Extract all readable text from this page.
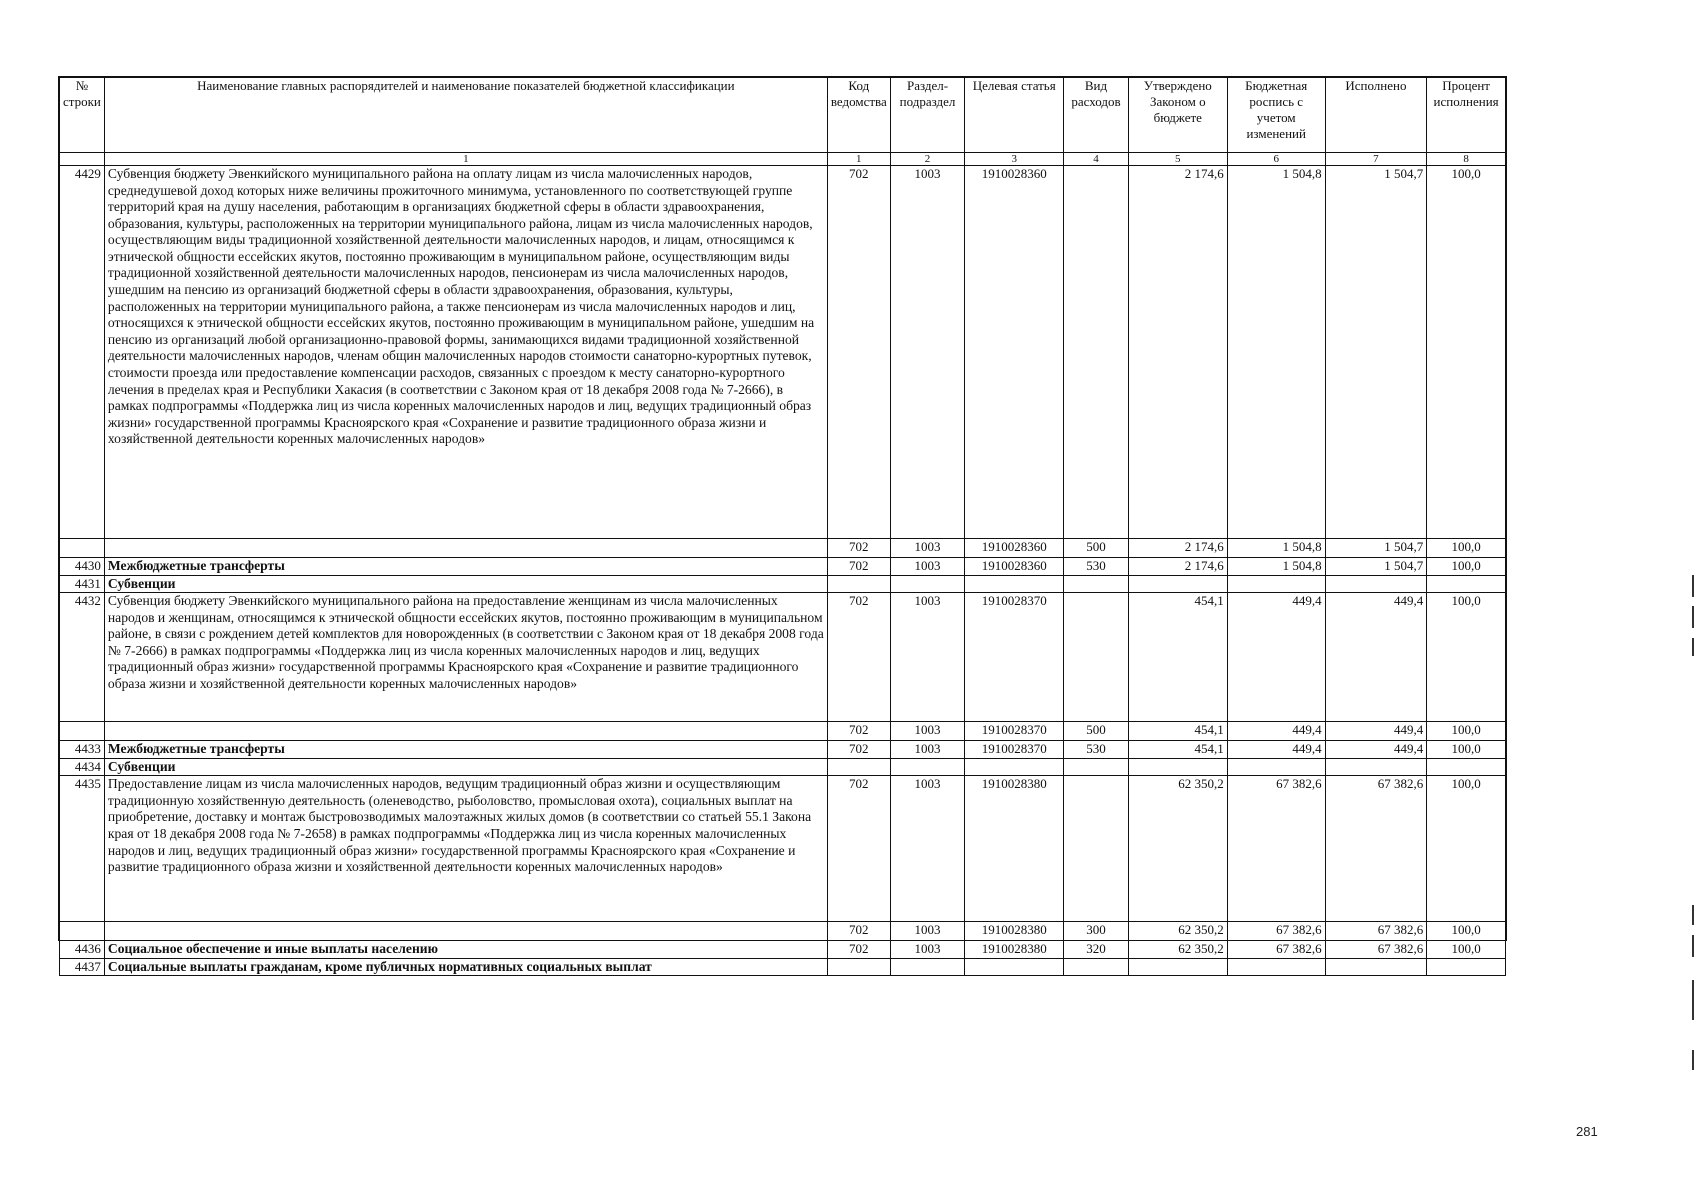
№ строки	Наименование главных распорядителей и наименование показателей бюджетной классификации	Код ведомства	Раздел-подраздел	Целевая статья	Вид расходов	Утверждено Законом о бюджете	Бюджетная роспись с учетом изменений	Исполнено	Процент исполнения
	1	1	2	3	4	5	6	7	8
4429	Субвенция бюджету Эвенкийского муниципального района на оплату лицам из числа малочисленных народов, среднедушевой доход которых ниже величины прожиточного минимума, установленного по соответствующей группе территорий края на душу населения, работающим в организациях бюджетной сферы в области здравоохранения, образования, культуры, расположенных на территории муниципального района, лицам из числа малочисленных народов, осуществляющим виды традиционной хозяйственной деятельности малочисленных народов, и лицам, относящимся к этнической общности ессейских якутов, постоянно проживающим в муниципальном районе, осуществляющим виды традиционной хозяйственной деятельности малочисленных народов, пенсионерам из числа малочисленных народов, ушедшим на пенсию из организаций бюджетной сферы в области здравоохранения, образования, культуры, расположенных на территории муниципального района, а также пенсионерам из числа малочисленных народов и лиц, относящихся к этнической общности ессейских якутов, постоянно проживающим в муниципальном районе, ушедшим на пенсию из организаций любой организационно-правовой формы, занимающихся видами традиционной хозяйственной деятельности малочисленных народов, членам общин малочисленных народов стоимости санаторно-курортных путевок, стоимости проезда или предоставление компенсации расходов, связанных с проездом к месту санаторно-курортного лечения в пределах края и Республики Хакасия (в соответствии с Законом края от 18 декабря 2008 года № 7-2666), в рамках подпрограммы «Поддержка лиц из числа коренных малочисленных народов и лиц, ведущих традиционный образ жизни» государственной программы Красноярского края «Сохранение и развитие традиционного образа жизни и хозяйственной деятельности коренных малочисленных народов»	702	1003	1910028360		2 174,6	1 504,8	1 504,7	100,0
		702	1003	1910028360	500	2 174,6	1 504,8	1 504,7	100,0
4430	Межбюджетные трансферты	702	1003	1910028360	530	2 174,6	1 504,8	1 504,7	100,0
4431	Субвенции								
4432	Субвенция бюджету Эвенкийского муниципального района на предоставление женщинам из числа малочисленных народов и женщинам, относящимся к этнической общности ессейских якутов, постоянно проживающим в муниципальном районе, в связи с рождением детей комплектов для новорожденных (в соответствии с Законом края от 18 декабря 2008 года № 7-2666) в рамках подпрограммы «Поддержка лиц из числа коренных малочисленных народов и лиц, ведущих традиционный образ жизни» государственной программы Красноярского края «Сохранение и развитие традиционного образа жизни и хозяйственной деятельности коренных малочисленных народов»	702	1003	1910028370		454,1	449,4	449,4	100,0
		702	1003	1910028370	500	454,1	449,4	449,4	100,0
4433	Межбюджетные трансферты	702	1003	1910028370	530	454,1	449,4	449,4	100,0
4434	Субвенции								
4435	Предоставление лицам из числа малочисленных народов, ведущим традиционный образ жизни и осуществляющим традиционную хозяйственную деятельность (оленеводство, рыболовство, промысловая охота), социальных выплат на приобретение, доставку и монтаж быстровозводимых малоэтажных жилых домов (в соответствии со статьей 55.1 Закона края от 18 декабря 2008 года № 7-2658) в рамках подпрограммы «Поддержка лиц из числа коренных малочисленных народов и лиц, ведущих традиционный образ жизни» государственной программы Красноярского края «Сохранение и развитие традиционного образа жизни и хозяйственной деятельности коренных малочисленных народов»	702	1003	1910028380		62 350,2	67 382,6	67 382,6	100,0
		702	1003	1910028380	300	62 350,2	67 382,6	67 382,6	100,0
4436	Социальное обеспечение и иные выплаты населению	702	1003	1910028380	320	62 350,2	67 382,6	67 382,6	100,0
4437	Социальные выплаты гражданам, кроме публичных нормативных социальных выплат								
281
